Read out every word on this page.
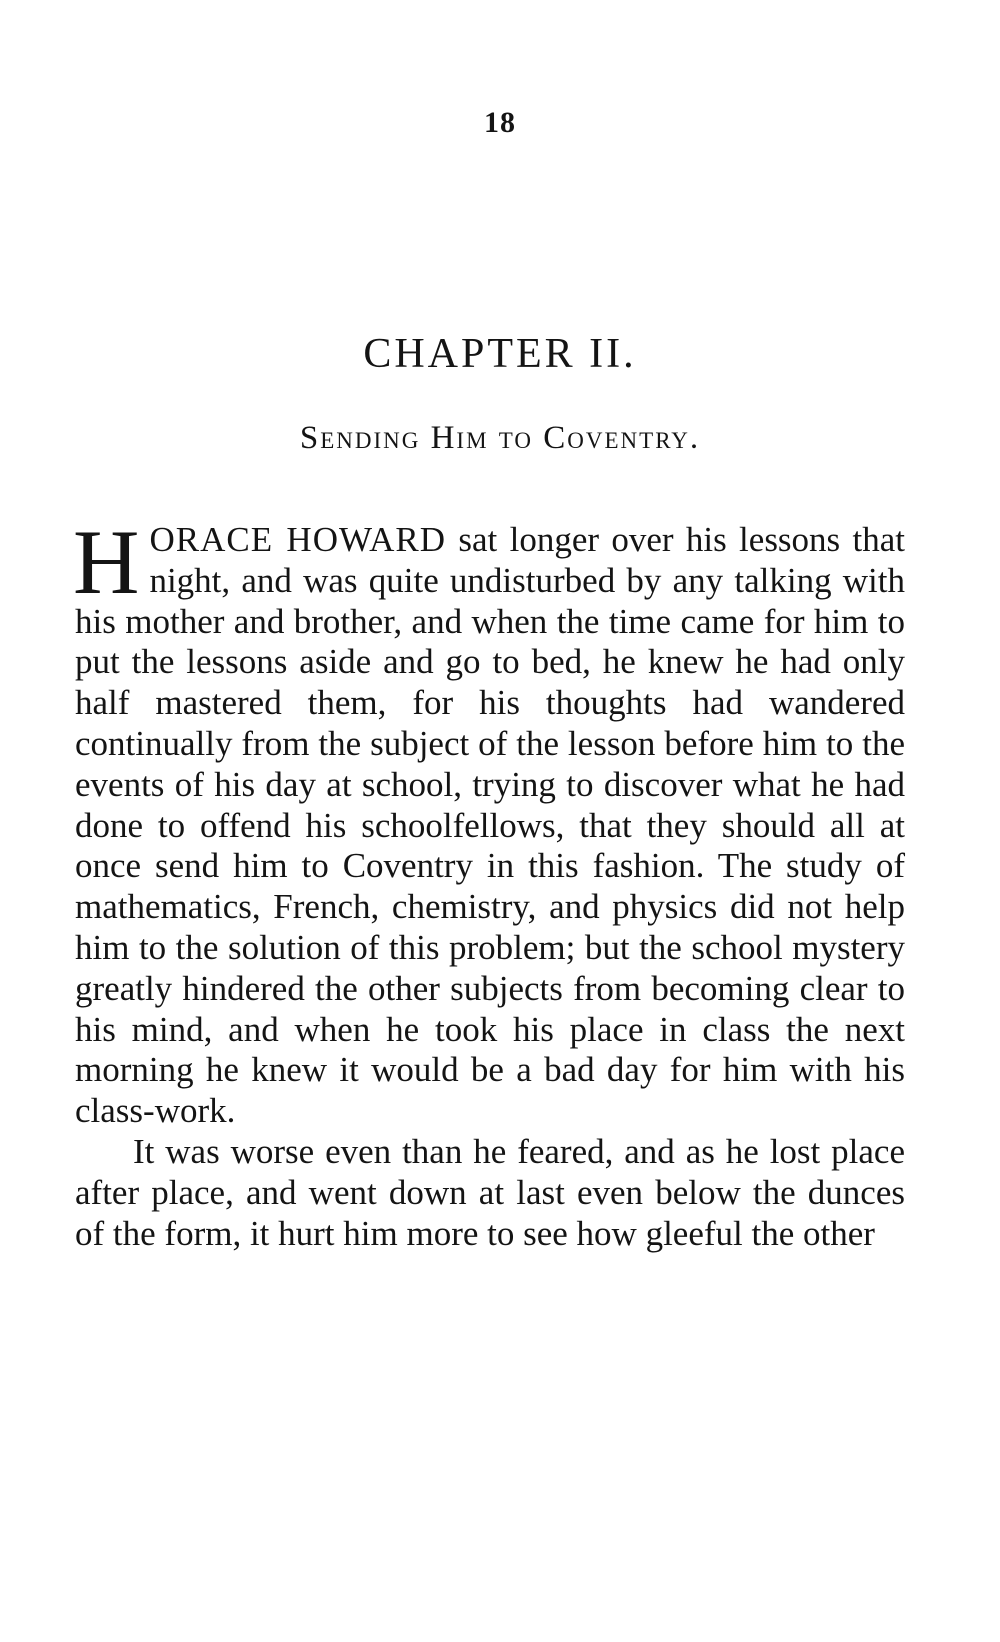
18
CHAPTER II.
Sending Him to Coventry.

HORACE HOWARD sat longer over his lessons that night, and was quite undisturbed by any talking with his mother and brother, and when the time came for him to put the lessons aside and go to bed, he knew he had only half mastered them, for his thoughts had wandered continually from the subject of the lesson before him to the events of his day at school, trying to discover what he had done to offend his schoolfellows, that they should all at once send him to Coventry in this fashion. The study of mathematics, French, chemistry, and physics did not help him to the solution of this problem; but the school mystery greatly hindered the other subjects from becoming clear to his mind, and when he took his place in class the next morning he knew it would be a bad day for him with his class-work.

It was worse even than he feared, and as he lost place after place, and went down at last even below the dunces of the form, it hurt him more to see how gleeful the other
